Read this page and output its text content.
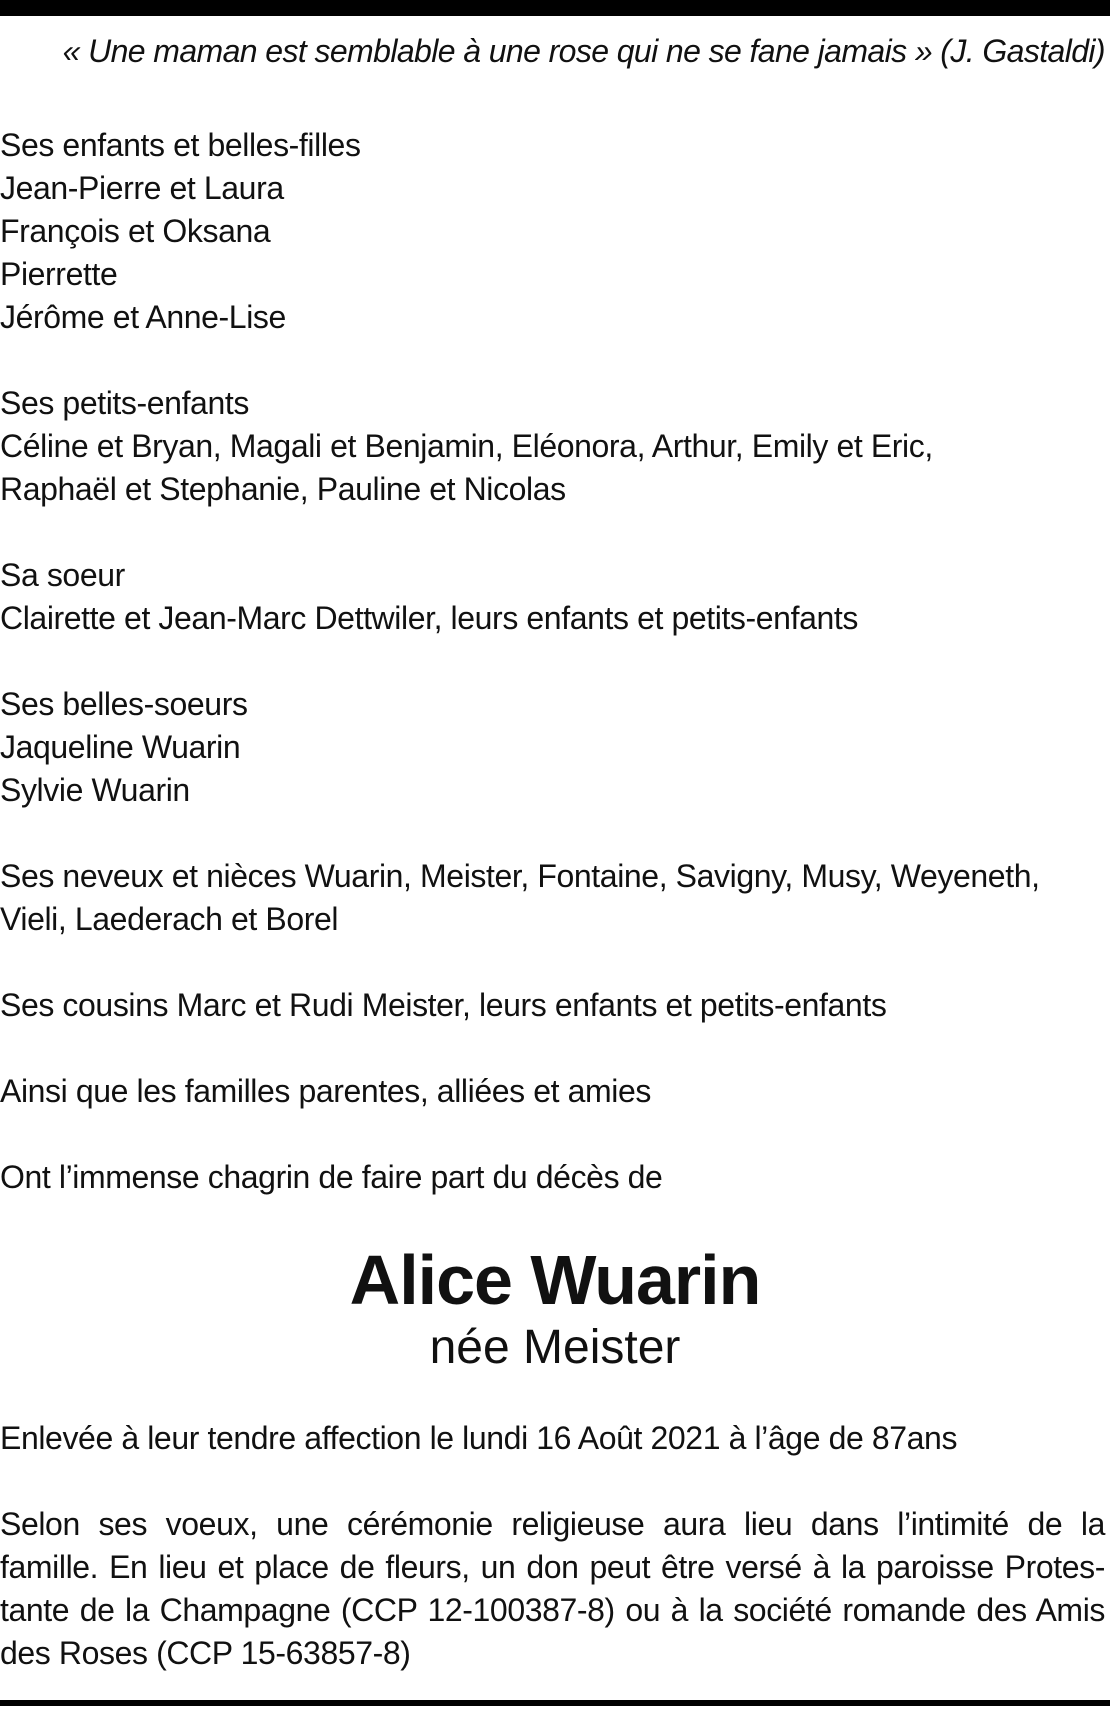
« Une maman est semblable à une rose qui ne se fane jamais » (J. Gastaldi)
Ses enfants et belles-filles
Jean-Pierre et Laura
François et Oksana
Pierrette
Jérôme et Anne-Lise
Ses petits-enfants
Céline et Bryan, Magali et Benjamin, Eléonora, Arthur, Emily et Eric,
Raphaël et Stephanie, Pauline et Nicolas
Sa soeur
Clairette et Jean-Marc Dettwiler, leurs enfants et petits-enfants
Ses belles-soeurs
Jaqueline Wuarin
Sylvie Wuarin
Ses neveux et nièces Wuarin, Meister, Fontaine, Savigny, Musy, Weyeneth,
Vieli, Laederach et Borel
Ses cousins Marc et Rudi Meister, leurs enfants et petits-enfants
Ainsi que les familles parentes, alliées et amies
Ont l’immense chagrin de faire part du décès de
Enlevée à leur tendre affection le lundi 16 Août 2021 à l’âge de 87ans
Selon ses voeux, une cérémonie religieuse aura lieu dans l’intimité de la
famille. En lieu et place de fleurs, un don peut être versé à la paroisse Protes-
tante de la Champagne (CCP 12-100387-8) ou à la société romande des Amis
des Roses (CCP 15-63857-8)
Alice Wuarin
née Meister
